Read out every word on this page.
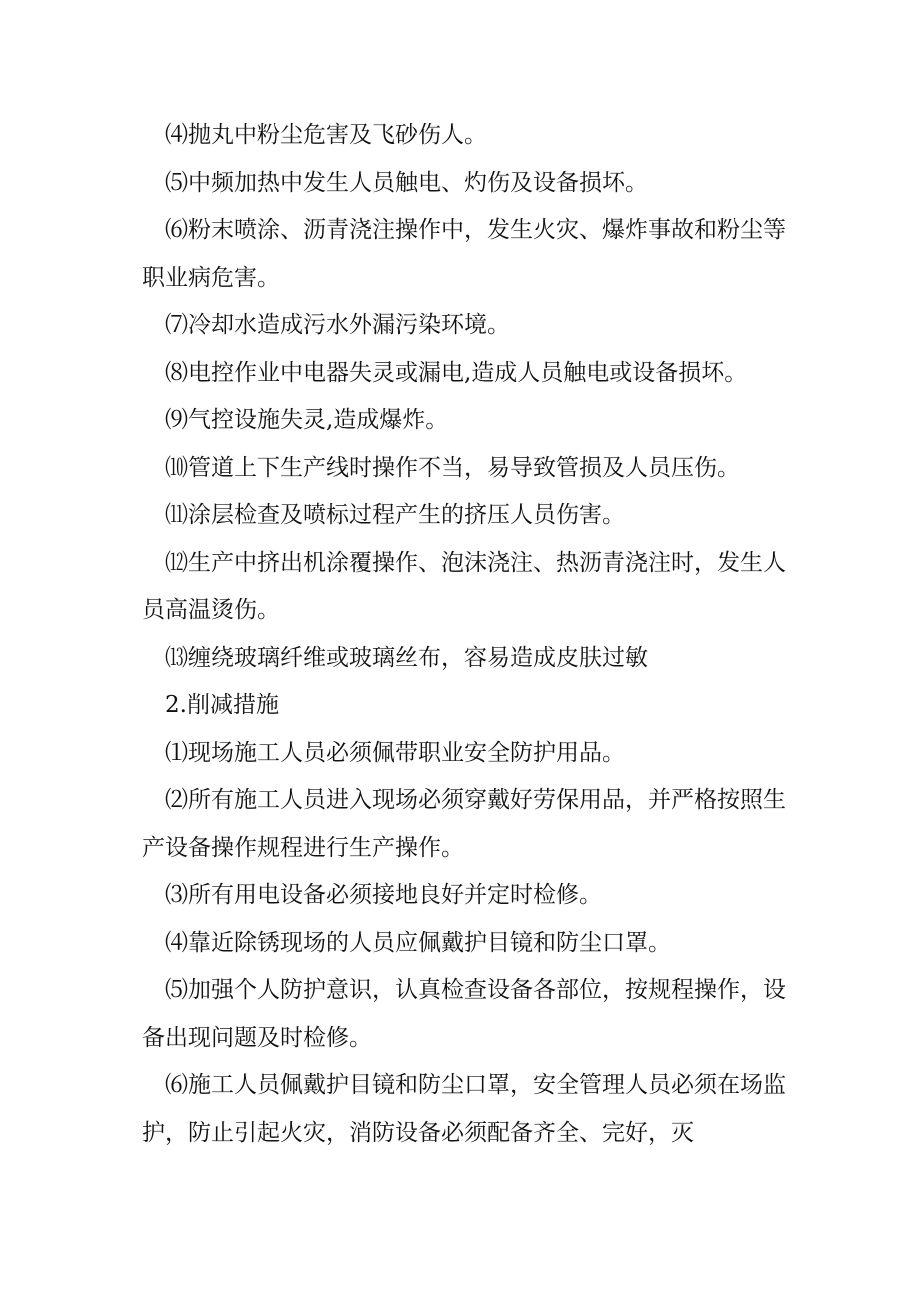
⑷抛丸中粉尘危害及飞砂伤人。

⑸中频加热中发生人员触电、灼伤及设备损坏。

⑹粉末喷涂、沥青浇注操作中，发生火灾、爆炸事故和粉尘等职业病危害。

⑺冷却水造成污水外漏污染环境。

⑻电控作业中电器失灵或漏电,造成人员触电或设备损坏。

⑼气控设施失灵,造成爆炸。

⑽管道上下生产线时操作不当，易导致管损及人员压伤。

⑾涂层检查及喷标过程产生的挤压人员伤害。

⑿生产中挤出机涂覆操作、泡沫浇注、热沥青浇注时，发生人员高温烫伤。

⒀缠绕玻璃纤维或玻璃丝布，容易造成皮肤过敏

2.削减措施

⑴现场施工人员必须佩带职业安全防护用品。

⑵所有施工人员进入现场必须穿戴好劳保用品，并严格按照生产设备操作规程进行生产操作。

⑶所有用电设备必须接地良好并定时检修。

⑷靠近除锈现场的人员应佩戴护目镜和防尘口罩。

⑸加强个人防护意识，认真检查设备各部位，按规程操作，设备出现问题及时检修。

⑹施工人员佩戴护目镜和防尘口罩，安全管理人员必须在场监护，防止引起火灾，消防设备必须配备齐全、完好，灭
